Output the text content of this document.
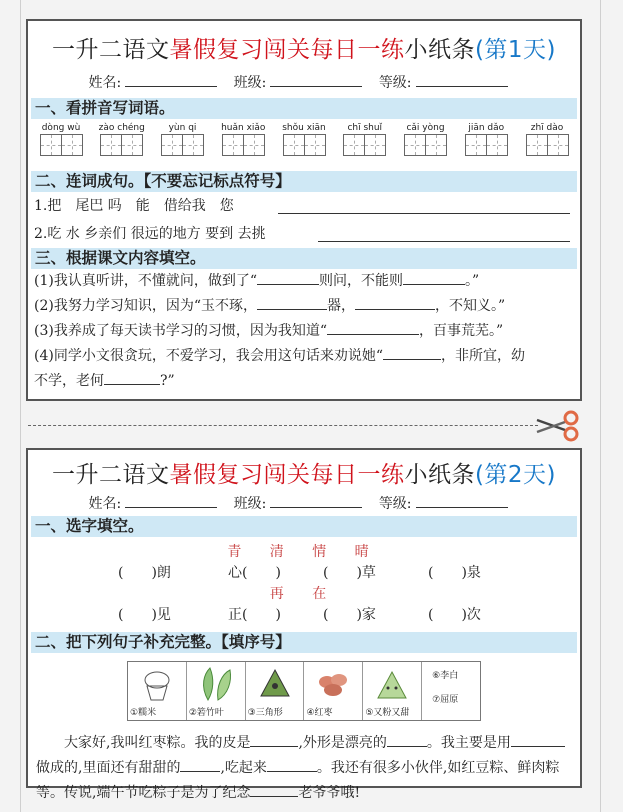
一升二语文暑假复习闯关每日一练小纸条(第1天)
姓名:	班级:	等级:
一、看拼音写词语。
dòng wù	zào chéng	yùn qi	huǎn xiǎo	shǒu xiān	chī shuǐ	cǎi yòng	jiān dǎo	zhī dào
二、连词成句。【不要忘记标点符号】
1.把　尾巴 吗　能　借给我　您
2.吃 水 乡亲们 很远的地方 要到 去挑
三、根据课文内容填空。
(1)我认真听讲，不懂就问，做到了“	则问，不能则	。”
(2)我努力学习知识，因为“玉不琢，	器，	，不知义。”
(3)我养成了每天读书学习的习惯，因为我知道“	，百事荒芜。”
(4)同学小文很贪玩，不爱学习，我会用这句话来劝说她“	，非所宜，幼
不学，老何	?”
一升二语文暑假复习闯关每日一练小纸条(第2天)
姓名:	班级:	等级:
一、选字填空。
青 清 情 晴
(　　)朗	心(　　)	(　　)草	(　　)泉
再 在
(　　)见	正(　　)	(　　)家	(　　)次
二、把下列句子补充完整。【填序号】
①糯米	②箬竹叶	③三角形	④红枣	⑤又粉又甜
⑥李白
⑦屈原
大家好,我叫红枣粽。我的皮是	,外形是漂亮的	。我主要是用做成的,里面还有甜甜的	,吃起来	。我还有很多小伙伴,如红豆粽、鲜肉粽等。传说,端午节吃粽子是为了纪念	老爷爷哦!
